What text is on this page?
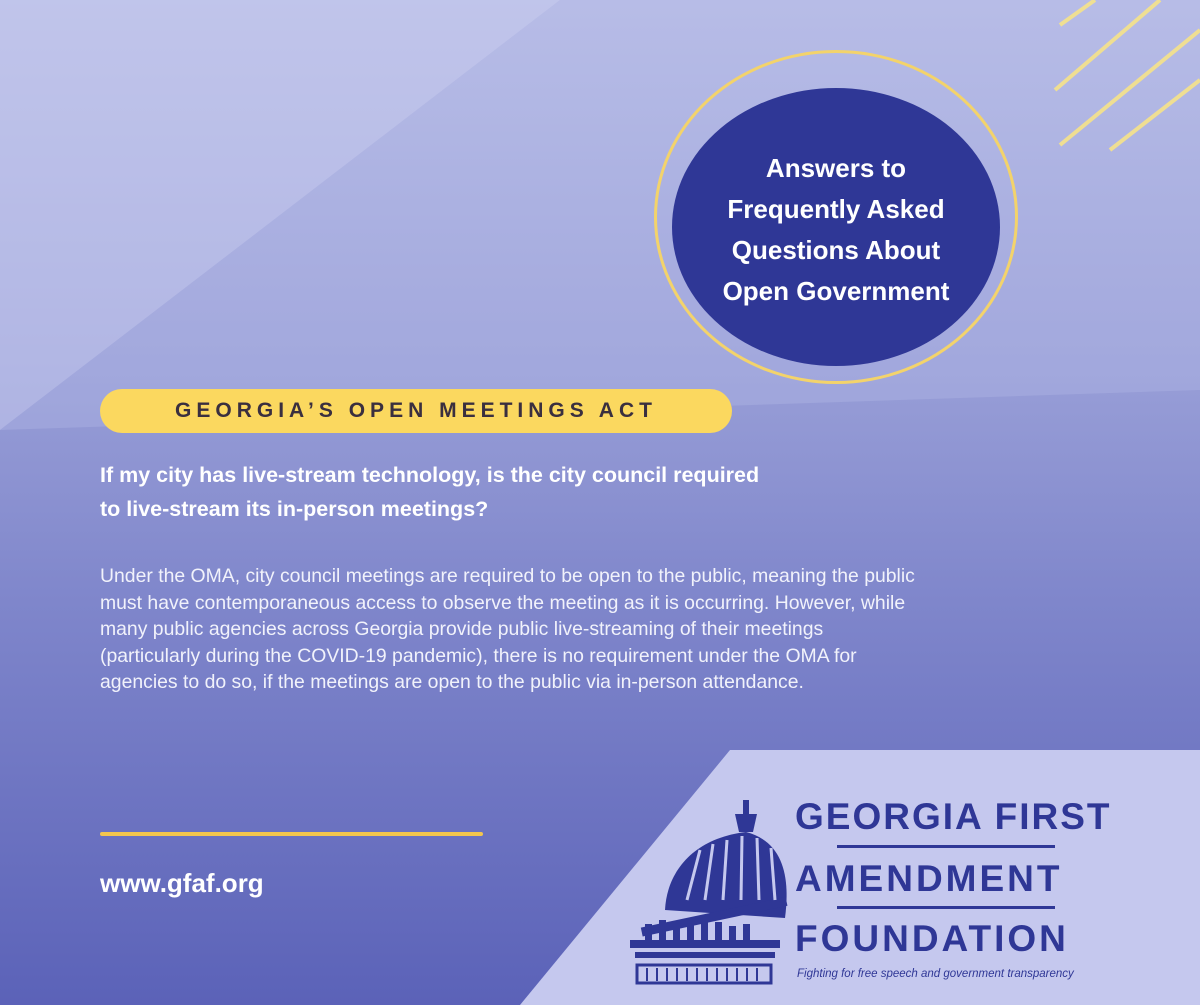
Answers to
Frequently Asked
Questions About
Open Government
GEORGIA’S OPEN MEETINGS ACT

If my city has live-stream technology, is the city council required
to live-stream its in-person meetings?

Under the OMA, city council meetings are required to be open to the public, meaning the public
must have contemporaneous access to observe the meeting as it is occurring. However, while
many public agencies across Georgia provide public live-streaming of their meetings
(particularly during the COVID-19 pandemic), there is no requirement under the OMA for
agencies to do so, if the meetings are open to the public via in-person attendance.

www.gfaf.org
GEORGIA FIRST
AMENDMENT
FOUNDATION
Fighting for free speech and government transparency
